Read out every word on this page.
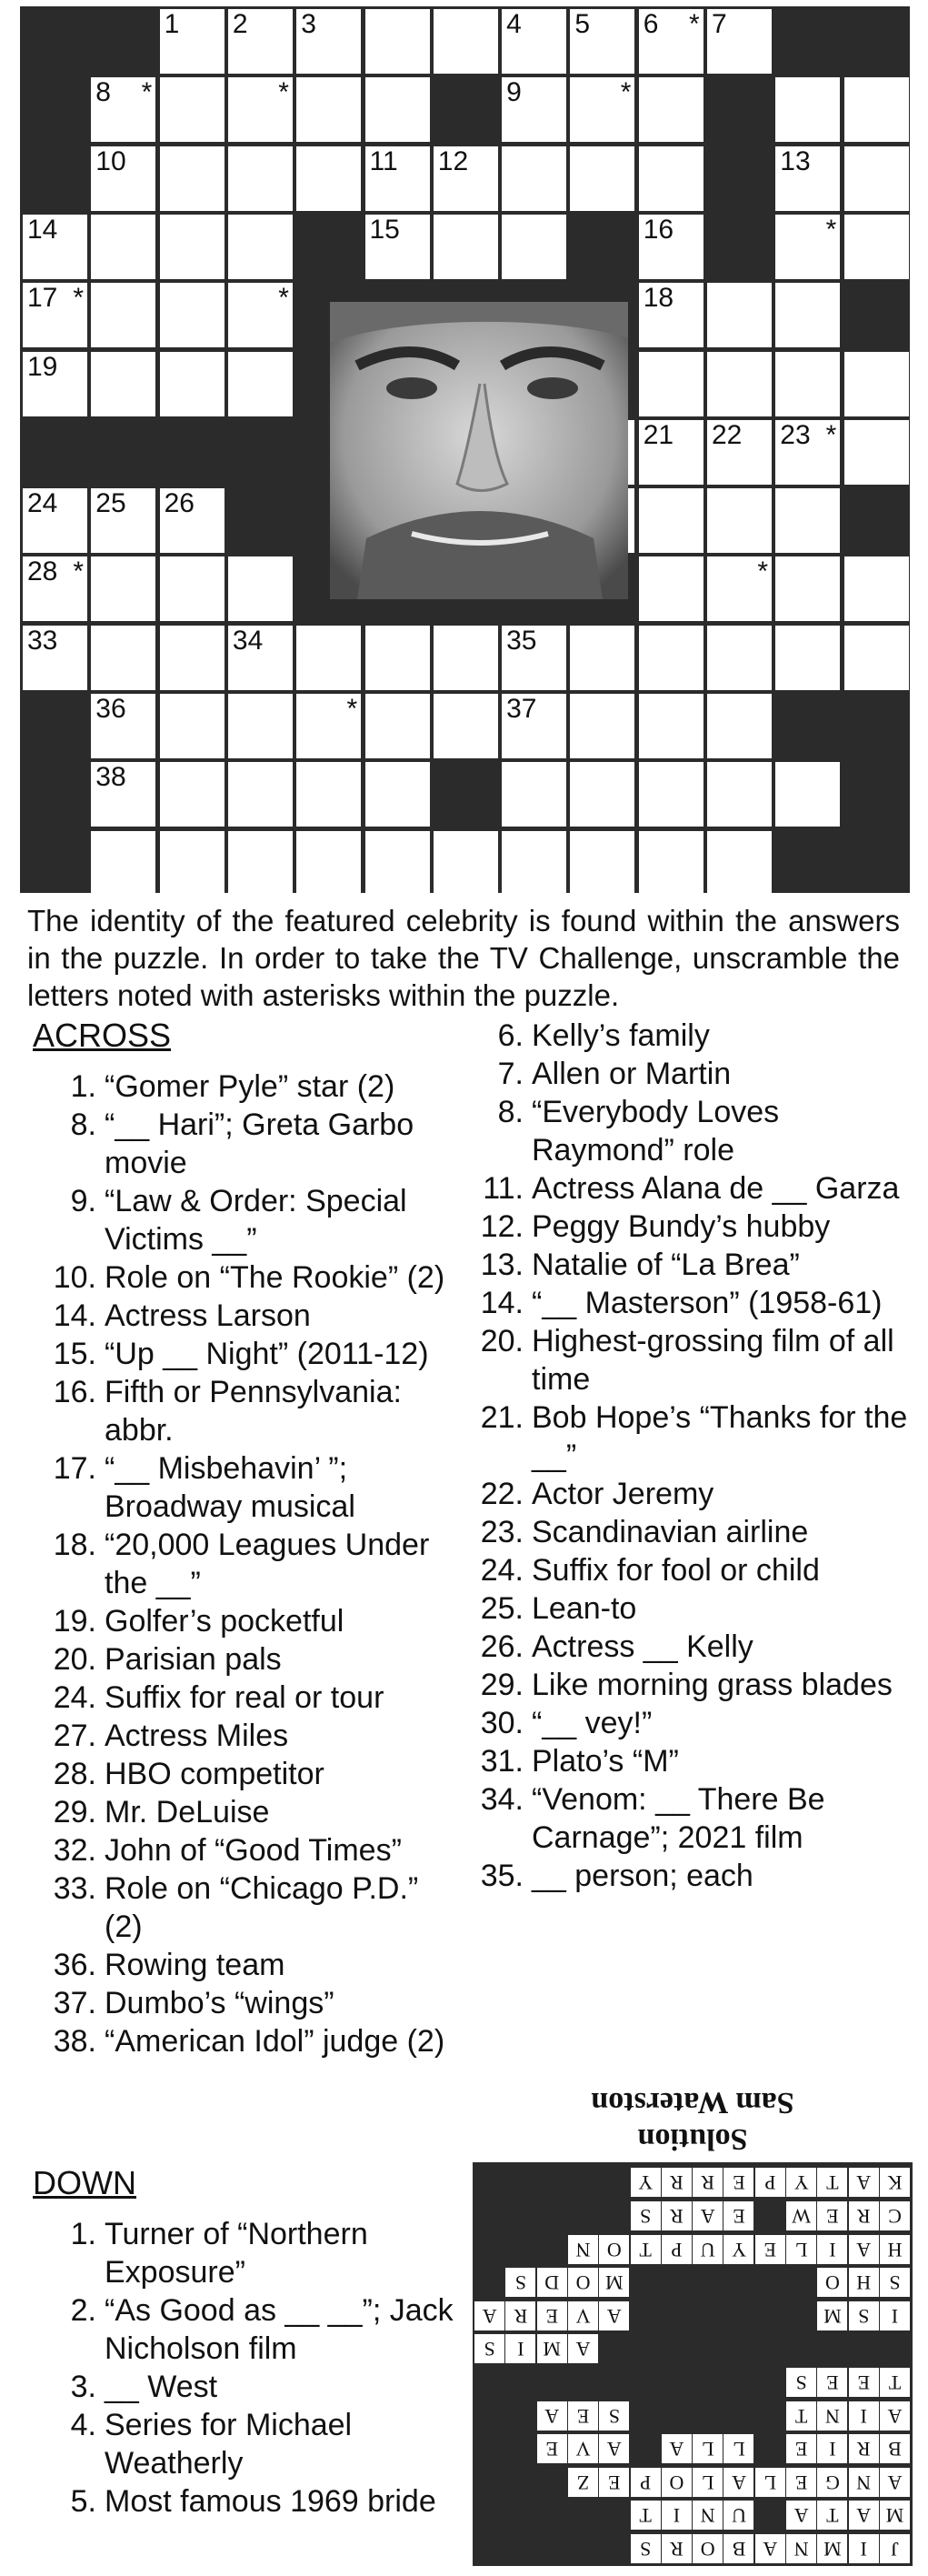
1 2 3	4 5 6 * 7
8 *	*	9	*
10	11 12	13
14	15	16	*
17 *	*	18
19
21 22 23 *
24 25 26
28 *	*
33	34	35
36	*	37
38
The identity of the featured celebrity is found within the answers in the puzzle. In order to take the TV Challenge, unscramble the letters noted with asterisks within the puzzle.
ACROSS
1. “Gomer Pyle” star (2)
8. “__ Hari”; Greta Garbo movie
9. “Law & Order: Special Victims __”
10. Role on “The Rookie” (2)
14. Actress Larson
15. “Up __ Night” (2011-12)
16. Fifth or Pennsylvania: abbr.
17. “__ Misbehavin’ ”; Broadway musical
18. “20,000 Leagues Under the __”
19. Golfer’s pocketful
20. Parisian pals
24. Suffix for real or tour
27. Actress Miles
28. HBO competitor
29. Mr. DeLuise
32. John of “Good Times”
33. Role on “Chicago P.D.” (2)
36. Rowing team
37. Dumbo’s “wings”
38. “American Idol” judge (2)
DOWN
1. Turner of “Northern Exposure”
2. “As Good as __ __”; Jack Nicholson film
3. __ West
4. Series for Michael Weatherly
5. Most famous 1969 bride
6. Kelly’s family
7. Allen or Martin
8. “Everybody Loves Raymond” role
11. Actress Alana de __ Garza
12. Peggy Bundy’s hubby
13. Natalie of “La Brea”
14. “__ Masterson” (1958-61)
20. Highest-grossing film of all time
21. Bob Hope’s “Thanks for the __”
22. Actor Jeremy
23. Scandinavian airline
24. Suffix for fool or child
25. Lean-to
26. Actress __ Kelly
29. Like morning grass blades
30. “__ vey!”
31. Plato’s “M”
34. “Venom: __ There Be Carnage”; 2021 film
35. __ person; each
Solution
Sam Waterston
J
I
M
N
A
B
O
R
S
M
A
T
A
U
N
I
T
A
N
G
E
L
A
L
O
P
E
Z
B
R
I
E
L
L
A
A
V
E
A
I
N
T
S
E
A
T
E
E
S
A
M
I
S
I
S
M
A
V
E
R
A
S
H
O
M
O
D
S
H
A
I
L
E
Y
U
P
T
O
N
C
R
E
W
E
A
R
S
K
A
T
Y
P
E
R
R
Y
